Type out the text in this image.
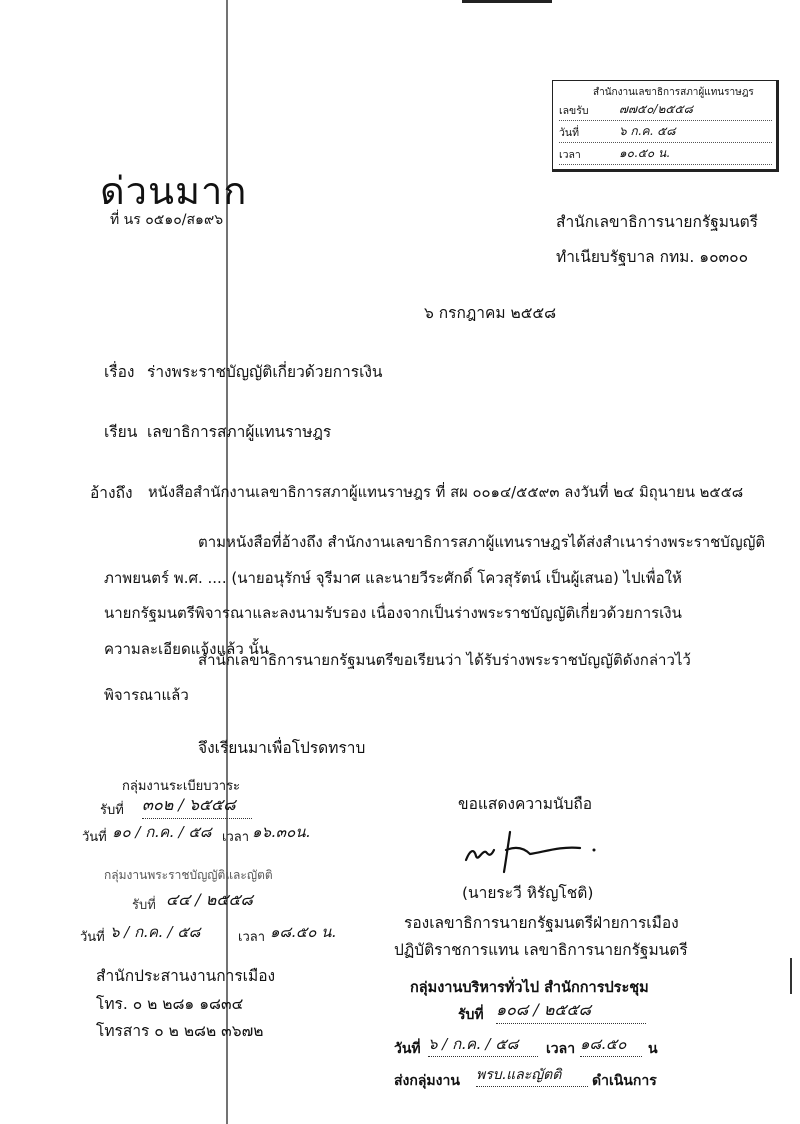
สำนักงานเลขาธิการสภาผู้แทนราษฎร
เลขรับ	๗๗๕๐/๒๕๕๘
วันที่	๖ ก.ค. ๕๘
เวลา	๑๐.๕๐ น.
ด่วนมาก
ที่ นร ๐๕๑๐/ส๑๙๖	สำนักเลขาธิการนายกรัฐมนตรี
ทำเนียบรัฐบาล กทม. ๑๐๓๐๐
๖ กรกฎาคม ๒๕๕๘
เรื่อง ร่างพระราชบัญญัติเกี่ยวด้วยการเงิน
เรียน เลขาธิการสภาผู้แทนราษฎร
อ้างถึง หนังสือสำนักงานเลขาธิการสภาผู้แทนราษฎร ที่ สผ ๐๐๑๔/๕๕๙๓ ลงวันที่ ๒๔ มิถุนายน ๒๕๕๘
ตามหนังสือที่อ้างถึง สำนักงานเลขาธิการสภาผู้แทนราษฎรได้ส่งสำเนาร่างพระราชบัญญัติ
ภาพยนตร์ พ.ศ. .... (นายอนุรักษ์ จุรีมาศ และนายวีระศักดิ์ โควสุรัตน์ เป็นผู้เสนอ) ไปเพื่อให้
นายกรัฐมนตรีพิจารณาและลงนามรับรอง เนื่องจากเป็นร่างพระราชบัญญัติเกี่ยวด้วยการเงิน
ความละเอียดแจ้งแล้ว นั้น
สำนักเลขาธิการนายกรัฐมนตรีขอเรียนว่า ได้รับร่างพระราชบัญญัติดังกล่าวไว้
พิจารณาแล้ว
จึงเรียนมาเพื่อโปรดทราบ
กลุ่มงานระเบียบวาระ
รับที่ ๓๐๒ / ๖๕๕๘
วันที่ ๑๐ / ก.ค. / ๕๘ เวลา ๑๖.๓๐น.
กลุ่มงานพระราชบัญญัติและญัตติ
รับที่ ๔๔ / ๒๕๕๘
วันที่ ๖ / ก.ค. / ๕๘	เวลา ๑๘.๕๐ น.
ขอแสดงความนับถือ
(นายระวี หิรัญโชติ)
รองเลขาธิการนายกรัฐมนตรีฝ่ายการเมือง
ปฏิบัติราชการแทน เลขาธิการนายกรัฐมนตรี
สำนักประสานงานการเมือง
โทร. ๐ ๒ ๒๘๑ ๑๘๓๔
โทรสาร ๐ ๒ ๒๘๒ ๓๖๗๒
กลุ่มงานบริหารทั่วไป สำนักการประชุม
รับที่ ๑๐๘ / ๒๕๕๘
วันที่ ๖ / ก.ค. / ๕๘	เวลา ๑๘.๕๐	น
ส่งกลุ่มงาน พรบ.และญัตติ	ดำเนินการ
